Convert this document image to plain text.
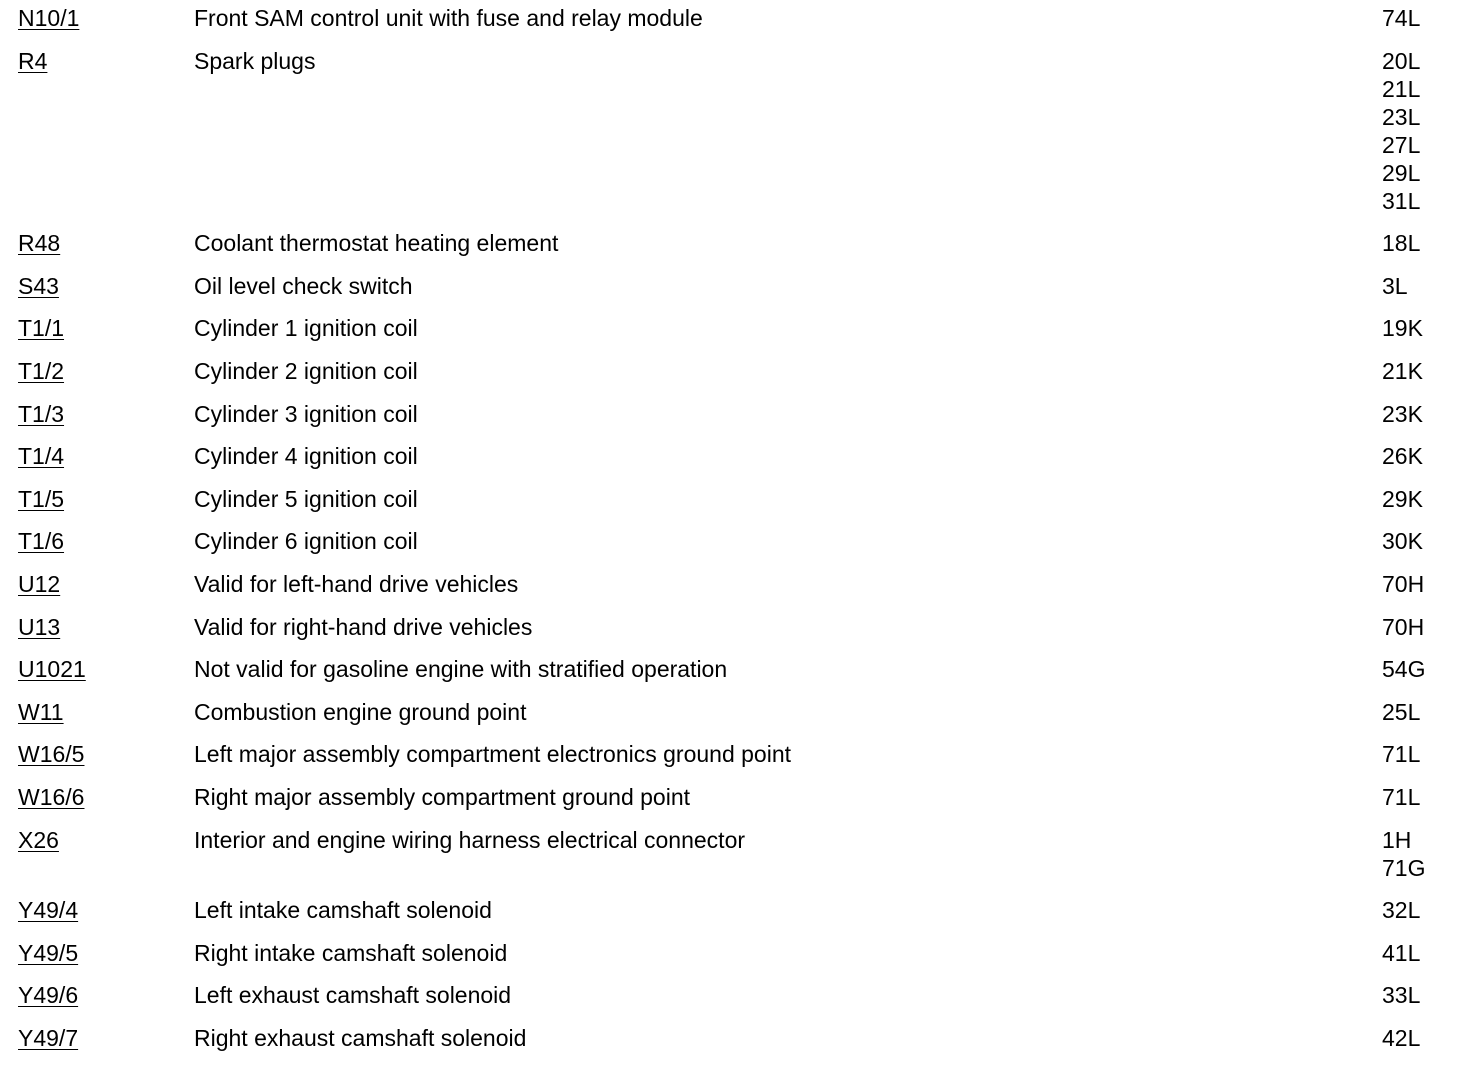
N10/1	Front SAM control unit with fuse and relay module	74L
R4	Spark plugs	20L
21L
23L
27L
29L
31L
R48	Coolant thermostat heating element	18L
S43	Oil level check switch	3L
T1/1	Cylinder 1 ignition coil	19K
T1/2	Cylinder 2 ignition coil	21K
T1/3	Cylinder 3 ignition coil	23K
T1/4	Cylinder 4 ignition coil	26K
T1/5	Cylinder 5 ignition coil	29K
T1/6	Cylinder 6 ignition coil	30K
U12	Valid for left-hand drive vehicles	70H
U13	Valid for right-hand drive vehicles	70H
U1021	Not valid for gasoline engine with stratified operation	54G
W11	Combustion engine ground point	25L
W16/5	Left major assembly compartment electronics ground point	71L
W16/6	Right major assembly compartment ground point	71L
X26	Interior and engine wiring harness electrical connector	1H
71G
Y49/4	Left intake camshaft solenoid	32L
Y49/5	Right intake camshaft solenoid	41L
Y49/6	Left exhaust camshaft solenoid	33L
Y49/7	Right exhaust camshaft solenoid	42L
